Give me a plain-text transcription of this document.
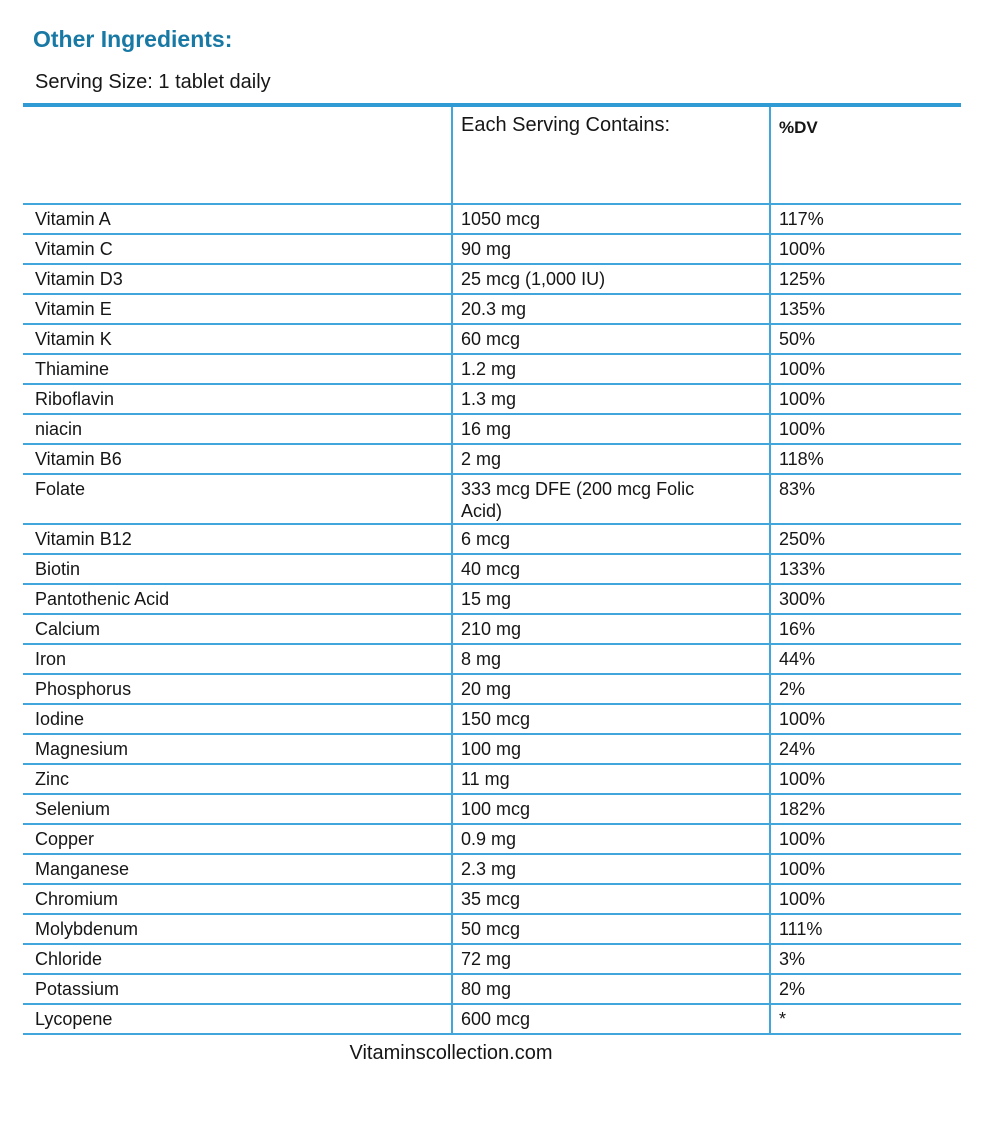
Other Ingredients:
Serving Size: 1 tablet daily
	Each Serving Contains:	%DV
Vitamin A	1050 mcg	117%
Vitamin C	90 mg	100%
Vitamin D3	25 mcg (1,000 IU)	125%
Vitamin E	20.3 mg	135%
Vitamin K	60 mcg	50%
Thiamine	1.2 mg	100%
Riboflavin	1.3 mg	100%
niacin	16 mg	100%
Vitamin B6	2 mg	118%
Folate	333 mcg DFE (200 mcg Folic Acid)	83%
Vitamin B12	6 mcg	250%
Biotin	40 mcg	133%
Pantothenic Acid	15 mg	300%
Calcium	210 mg	16%
Iron	8 mg	44%
Phosphorus	20 mg	2%
Iodine	150 mcg	100%
Magnesium	100 mg	24%
Zinc	11 mg	100%
Selenium	100 mcg	182%
Copper	0.9 mg	100%
Manganese	2.3 mg	100%
Chromium	35 mcg	100%
Molybdenum	50 mcg	111%
Chloride	72 mg	3%
Potassium	80 mg	2%
Lycopene	600 mcg	*
Vitaminscollection.com
